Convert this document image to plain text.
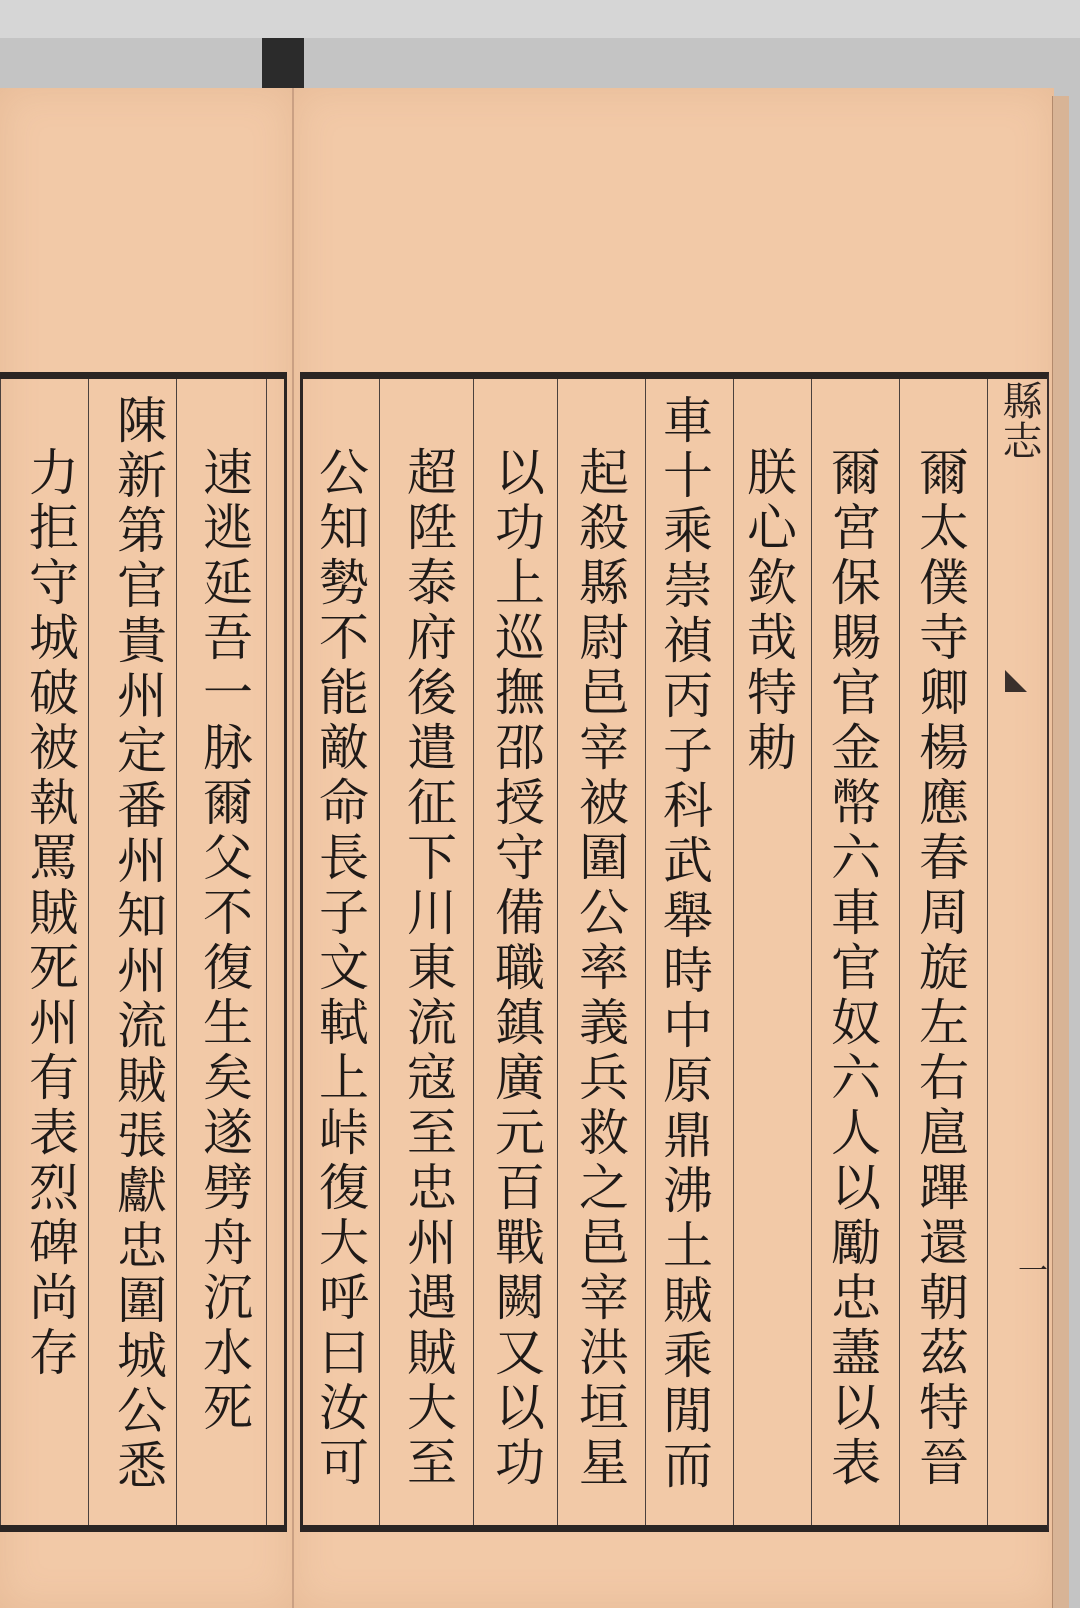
爾太僕寺卿楊應春周旋左右扈蹕還朝茲特晉
爾宮保賜官金幣六車官奴六人以勵忠藎以表
朕心欽哉特勅
車十乘崇禎丙子科武舉時中原鼎沸土賊乘閒而
起殺縣尉邑宰被圍公率義兵救之邑宰洪垣星
以功上巡撫邵授守備職鎮廣元百戰闕又以功
超陞泰府後遣征下川東流寇至忠州遇賊大至
公知勢不能敵命長子文軾上峠復大呼曰汝可
速逃延吾一脉爾父不復生矣遂劈舟沉水死
陳新第官貴州定番州知州流賊張獻忠圍城公悉
力拒守城破被執罵賊死州有表烈碑尚存
縣志
一
